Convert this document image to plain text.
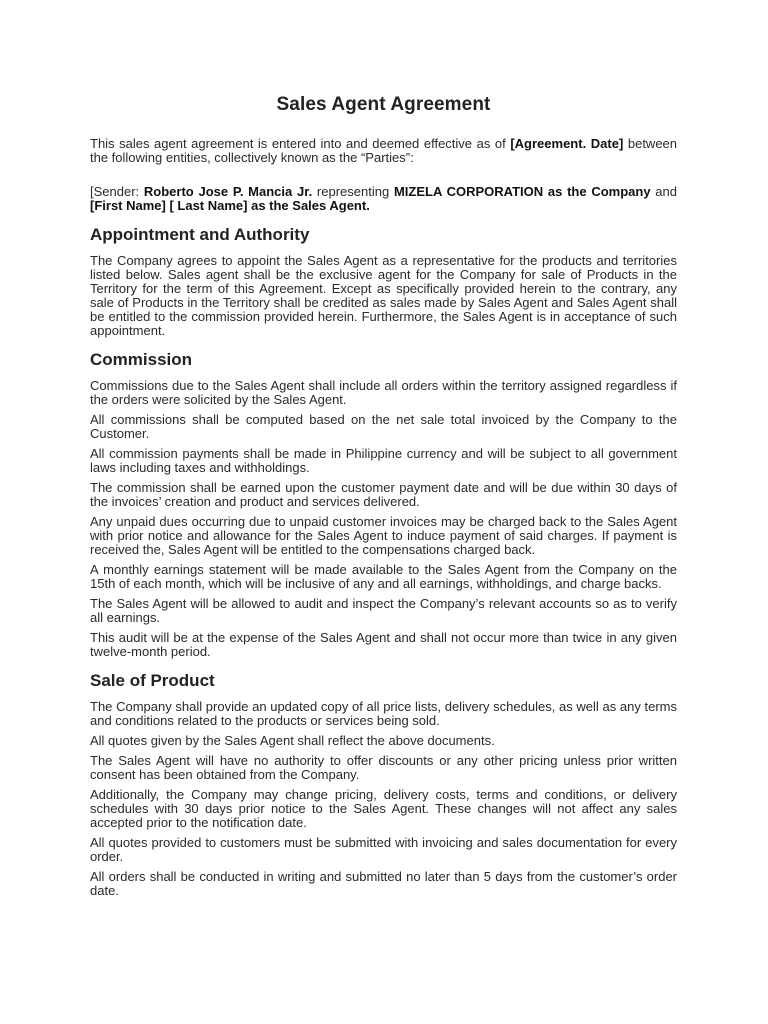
Sales Agent Agreement

This sales agent agreement is entered into and deemed effective as of [Agreement. Date] between the following entities, collectively known as the “Parties”:

[Sender: Roberto Jose P. Mancia Jr. representing MIZELA CORPORATION as the Company and [First Name] [ Last Name] as the Sales Agent.

Appointment and Authority

The Company agrees to appoint the Sales Agent as a representative for the products and territories listed below. Sales agent shall be the exclusive agent for the Company for sale of Products in the Territory for the term of this Agreement. Except as specifically provided herein to the contrary, any sale of Products in the Territory shall be credited as sales made by Sales Agent and Sales Agent shall be entitled to the commission provided herein. Furthermore, the Sales Agent is in acceptance of such appointment.

Commission

Commissions due to the Sales Agent shall include all orders within the territory assigned regardless if the orders were solicited by the Sales Agent.

All commissions shall be computed based on the net sale total invoiced by the Company to the Customer.

All commission payments shall be made in Philippine currency and will be subject to all government laws including taxes and withholdings.

The commission shall be earned upon the customer payment date and will be due within 30 days of the invoices’ creation and product and services delivered.

Any unpaid dues occurring due to unpaid customer invoices may be charged back to the Sales Agent with prior notice and allowance for the Sales Agent to induce payment of said charges. If payment is received the, Sales Agent will be entitled to the compensations charged back.

A monthly earnings statement will be made available to the Sales Agent from the Company on the 15th of each month, which will be inclusive of any and all earnings, withholdings, and charge backs.

The Sales Agent will be allowed to audit and inspect the Company’s relevant accounts so as to verify all earnings.

This audit will be at the expense of the Sales Agent and shall not occur more than twice in any given twelve-month period.

Sale of Product

The Company shall provide an updated copy of all price lists, delivery schedules, as well as any terms and conditions related to the products or services being sold.

All quotes given by the Sales Agent shall reflect the above documents.

The Sales Agent will have no authority to offer discounts or any other pricing unless prior written consent has been obtained from the Company.

Additionally, the Company may change pricing, delivery costs, terms and conditions, or delivery schedules with 30 days prior notice to the Sales Agent. These changes will not affect any sales accepted prior to the notification date.

All quotes provided to customers must be submitted with invoicing and sales documentation for every order.

All orders shall be conducted in writing and submitted no later than 5 days from the customer’s order date.
